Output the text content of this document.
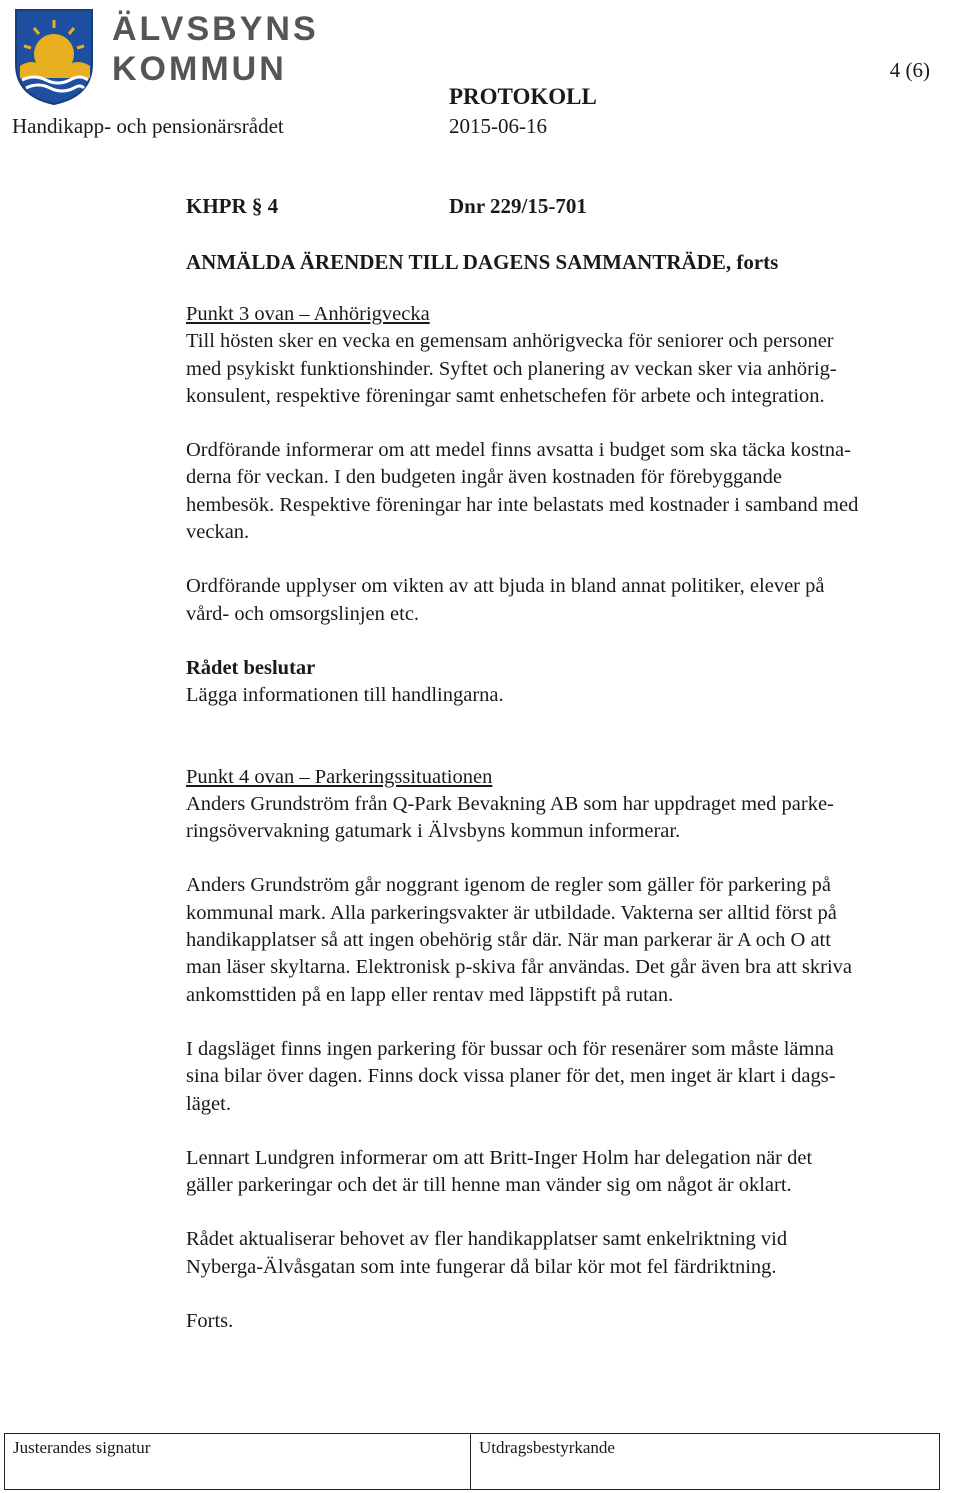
ÄLVSBYNS
KOMMUN	4 (6)
PROTOKOLL
Handikapp- och pensionärsrådet	2015-06-16
KHPR § 4	Dnr 229/15-701
ANMÄLDA ÄRENDEN TILL DAGENS SAMMANTRÄDE, forts
Punkt 3 ovan – Anhörigvecka
Till hösten sker en vecka en gemensam anhörigvecka för seniorer och personer
med psykiskt funktionshinder. Syftet och planering av veckan sker via anhörig-
konsulent, respektive föreningar samt enhetschefen för arbete och integration.
Ordförande informerar om att medel finns avsatta i budget som ska täcka kostna-
derna för veckan. I den budgeten ingår även kostnaden för förebyggande
hembesök. Respektive föreningar har inte belastats med kostnader i samband med
veckan.
Ordförande upplyser om vikten av att bjuda in bland annat politiker, elever på
vård- och omsorgslinjen etc.
Rådet beslutar
Lägga informationen till handlingarna.
Punkt 4 ovan – Parkeringssituationen
Anders Grundström från Q-Park Bevakning AB som har uppdraget med parke-
ringsövervakning gatumark i Älvsbyns kommun informerar.
Anders Grundström går noggrant igenom de regler som gäller för parkering på
kommunal mark. Alla parkeringsvakter är utbildade. Vakterna ser alltid först på
handikapplatser så att ingen obehörig står där. När man parkerar är A och O att
man läser skyltarna. Elektronisk p-skiva får användas. Det går även bra att skriva
ankomsttiden på en lapp eller rentav med läppstift på rutan.
I dagsläget finns ingen parkering för bussar och för resenärer som måste lämna
sina bilar över dagen. Finns dock vissa planer för det, men inget är klart i dags-
läget.
Lennart Lundgren informerar om att Britt-Inger Holm har delegation när det
gäller parkeringar och det är till henne man vänder sig om något är oklart.
Rådet aktualiserar behovet av fler handikapplatser samt enkelriktning vid
Nyberga-Älvåsgatan som inte fungerar då bilar kör mot fel färdriktning.
Forts.
Justerandes signatur	Utdragsbestyrkande
